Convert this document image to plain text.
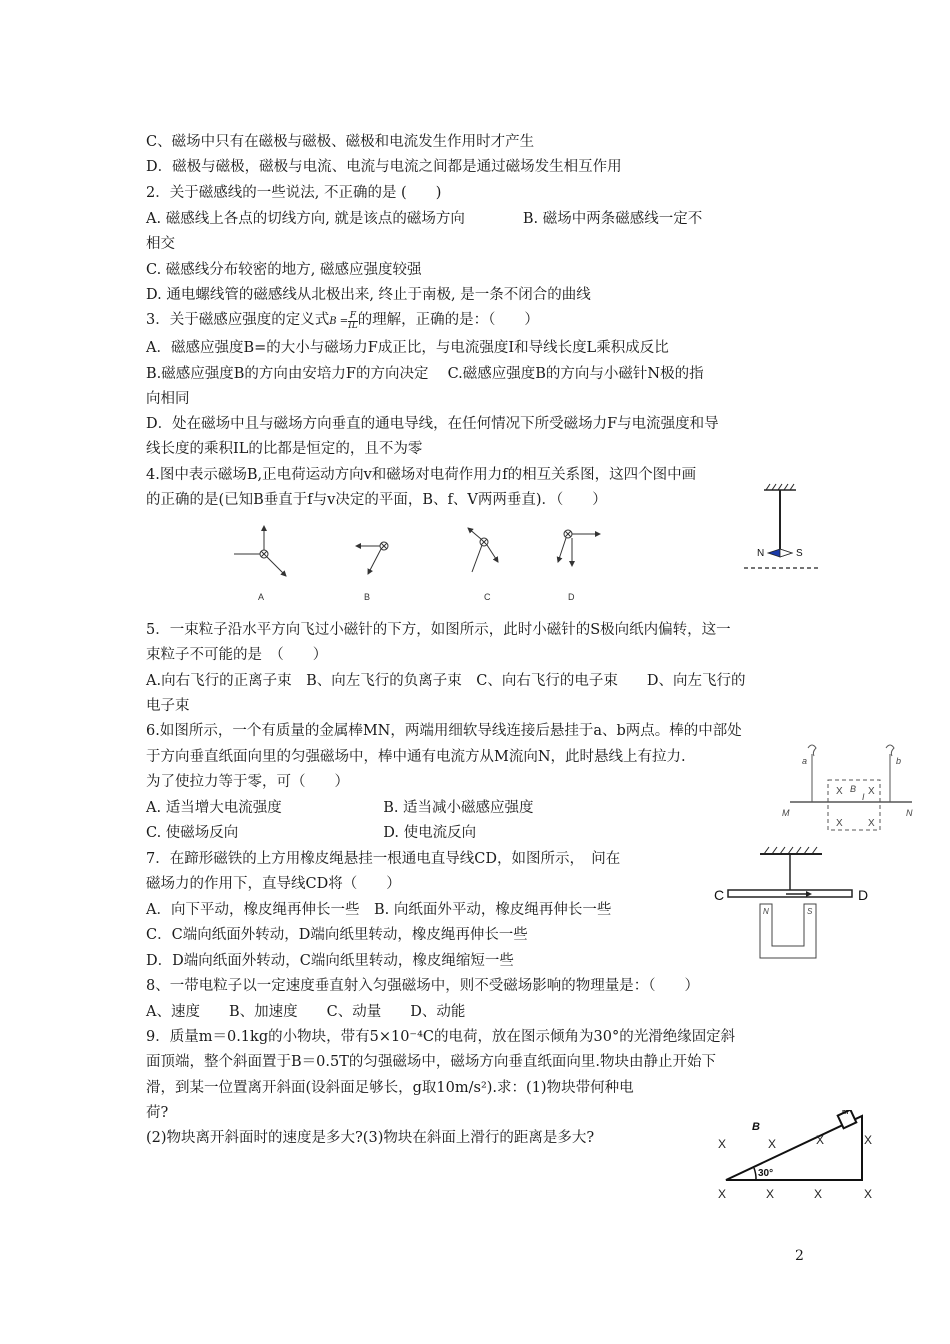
C、磁场中只有在磁极与磁极、磁极和电流发生作用时才产生
D．磁极与磁极，磁极与电流、电流与电流之间都是通过磁场发生相互作用
2．关于磁感线的一些说法, 不正确的是 (　　)
A. 磁感线上各点的切线方向, 就是该点的磁场方向　　　　B. 磁场中两条磁感线一定不
相交
C. 磁感线分布较密的地方, 磁感应强度较强
D. 通电螺线管的磁感线从北极出来, 终止于南极, 是一条不闭合的曲线
3．关于磁感应强度的定义式$B = \frac{F}{IL}$ 的理解，正确的是：（　　）
A．磁感应强度B=的大小与磁场力F成正比，与电流强度I和导线长度L乘积成反比
B.磁感应强度B的方向由安培力F的方向决定　 C.磁感应强度B的方向与小磁针N极的指
向相同
D．处在磁场中且与磁场方向垂直的通电导线，在任何情况下所受磁场力F与电流强度和导
线长度的乘积IL的比都是恒定的，且不为零
4.图中表示磁场B,正电荷运动方向v和磁场对电荷作用力f的相互关系图，这四个图中画
的正确的是(已知B垂直于f与v决定的平面，B、f、V两两垂直)．（　　）
A	B	C	D
N	S
5．一束粒子沿水平方向飞过小磁针的下方，如图所示，此时小磁针的S极向纸内偏转，这一
束粒子不可能的是　（　　）
A.向右飞行的正离子束　B、向左飞行的负离子束　C、向右飞行的电子束　　D、向左飞行的
电子束
6.如图所示，一个有质量的金属棒MN，两端用细软导线连接后悬挂于a、b两点。棒的中部处
于方向垂直纸面向里的匀强磁场中，棒中通有电流方从M流向N，此时悬线上有拉力.
为了使拉力等于零，可（　　）
A. 适当增大电流强度　　　　　　　B. 适当减小磁感应强度
C. 使磁场反向　　　　　　　　　　D. 使电流反向
a	b
M	N
B
I
X
X	X
X
7．在蹄形磁铁的上方用橡皮绳悬挂一根通电直导线CD，如图所示，　问在
磁场力的作用下，直导线CD将（　　）
A．向下平动，橡皮绳再伸长一些　B. 向纸面外平动，橡皮绳再伸长一些
C．C端向纸面外转动，D端向纸里转动，橡皮绳再伸长一些
D．D端向纸面外转动，C端向纸里转动，橡皮绳缩短一些
C	D
N	S
8、一带电粒子以一定速度垂直射入匀强磁场中，则不受磁场影响的物理量是：（　　）
A、速度　　B、加速度　　C、动量　　D、动能
9．质量m＝0.1kg的小物块，带有5×10⁻⁴C的电荷，放在图示倾角为30°的光滑绝缘固定斜
面顶端，整个斜面置于B＝0.5T的匀强磁场中，磁场方向垂直纸面向里.物块由静止开始下
滑，到某一位置离开斜面(设斜面足够长，g取10m/s²).求：(1)物块带何种电
荷?
(2)物块离开斜面时的速度是多大?(3)物块在斜面上滑行的距离是多大?
30°
m
B
X	X	X	X
X	X	X	X
2
